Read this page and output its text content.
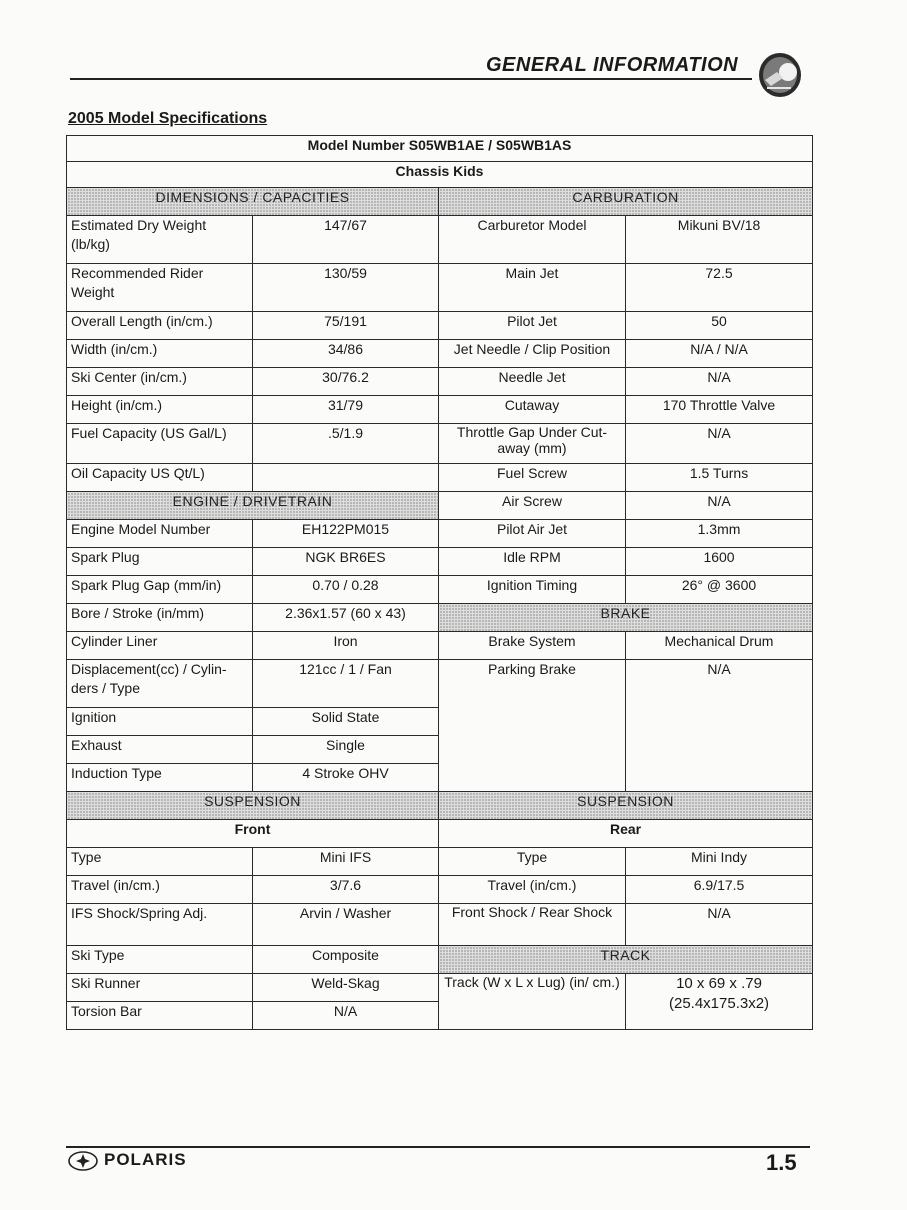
GENERAL INFORMATION
2005 Model Specifications
Model Number S05WB1AE / S05WB1AS			
Chassis Kids			
DIMENSIONS / CAPACITIES		CARBURATION	
Estimated Dry Weight (lb/kg)	147/67	Carburetor Model	Mikuni BV/18
Recommended Rider Weight	130/59	Main Jet	72.5
Overall Length (in/cm.)	75/191	Pilot Jet	50
Width (in/cm.)	34/86	Jet Needle / Clip Position	N/A / N/A
Ski Center (in/cm.)	30/76.2	Needle Jet	N/A
Height (in/cm.)	31/79	Cutaway	170 Throttle Valve
Fuel Capacity (US Gal/L)	.5/1.9	Throttle Gap Under Cut-away (mm)	N/A
Oil Capacity US Qt/L)		Fuel Screw	1.5 Turns
ENGINE / DRIVETRAIN		Air Screw	N/A
Engine Model Number	EH122PM015	Pilot Air Jet	1.3mm
Spark Plug	NGK BR6ES	Idle RPM	1600
Spark Plug Gap (mm/in)	0.70 / 0.28	Ignition Timing	26° @ 3600
Bore / Stroke (in/mm)	2.36x1.57 (60 x 43)	BRAKE	
Cylinder Liner	Iron	Brake System	Mechanical Drum
Displacement(cc) / Cylin-ders / Type	121cc / 1 / Fan	Parking Brake	N/A
Ignition	Solid State		
Exhaust	Single		
Induction Type	4 Stroke OHV		
SUSPENSION		SUSPENSION	
Front		Rear	
Type	Mini IFS	Type	Mini Indy
Travel (in/cm.)	3/7.6	Travel (in/cm.)	6.9/17.5
IFS Shock/Spring Adj.	Arvin / Washer	Front Shock / Rear Shock	N/A
Ski Type	Composite	TRACK	
Ski Runner	Weld-Skag	Track (W x L x Lug) (in/ cm.)	10 x 69 x .79 (25.4x175.3x2)
Torsion Bar	N/A		
POLARIS	1.5
